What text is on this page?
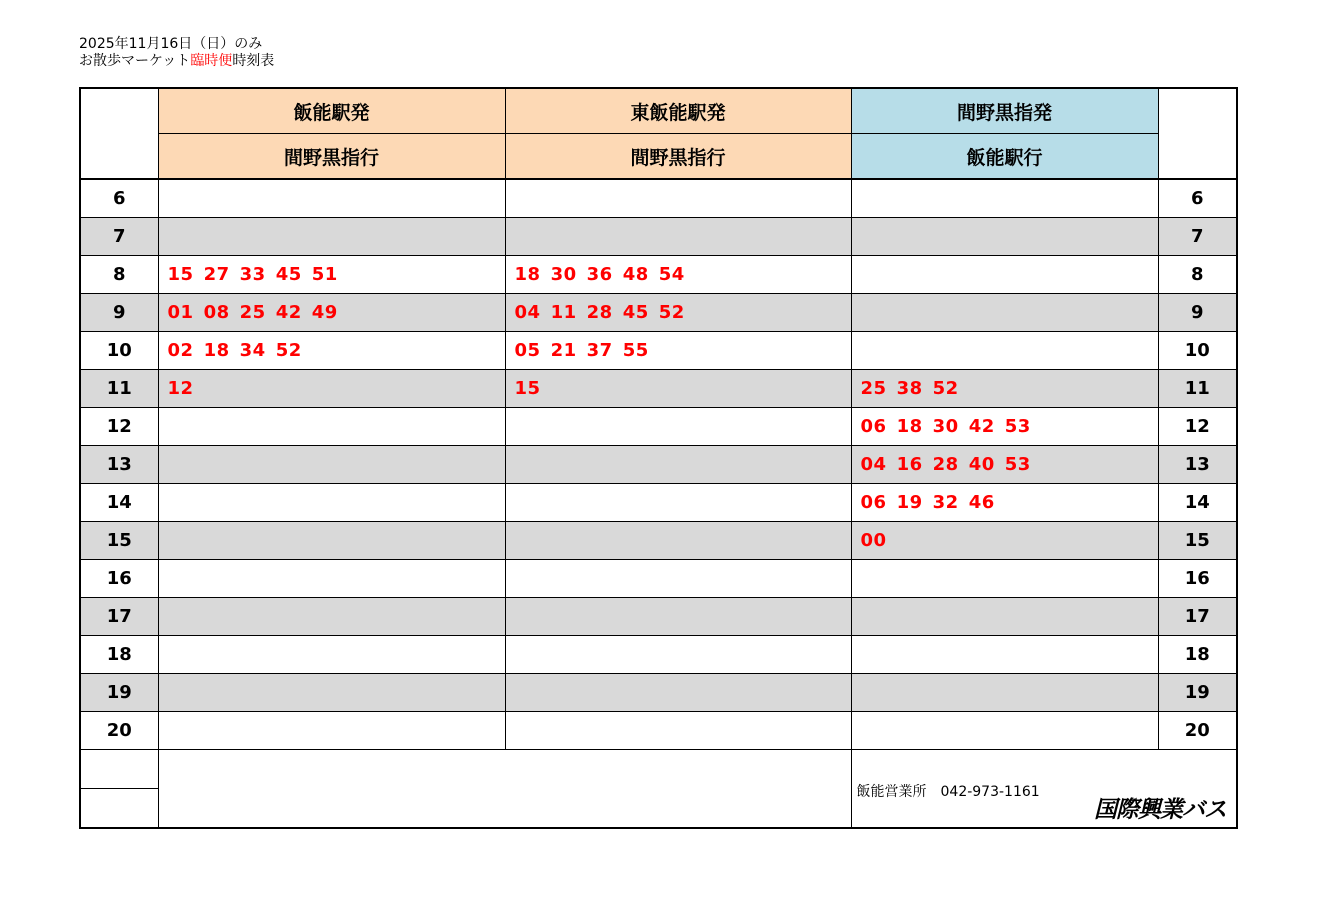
2025年11月16日（日）のみ
お散歩マーケット臨時便時刻表
	飯能駅発	東飯能駅発	間野黒指発	
	間野黒指行	間野黒指行	飯能駅行	
6				6
7				7
8	15 27 33 45 51	18 30 36 48 54		8
9	01 08 25 42 49	04 11 28 45 52		9
10	02 18 34 52	05 21 37 55		10
11	12	15	25 38 52	11
12			06 18 30 42 53	12
13			04 16 28 40 53	13
14			06 19 32 46	14
15			00	15
16				16
17				17
18				18
19				19
20				20

			飯能営業所　042-973-1161
国際興業バス	
